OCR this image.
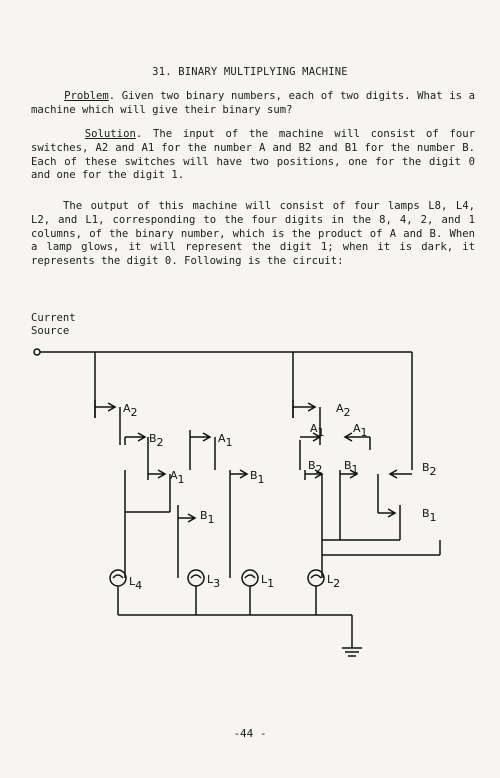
31. BINARY MULTIPLYING MACHINE
Problem. Given two binary numbers, each of two digits. What is a machine which will give their binary sum?
Solution. The input of the machine will consist of four switches, A2 and A1 for the number A and B2 and B1 for the number B. Each of these switches will have two positions, one for the digit 0 and one for the digit 1.
The output of this machine will consist of four lamps L8, L4, L2, and L1, corresponding to the four digits in the 8, 4, 2, and 1 columns, of the binary number, which is the product of A and B. When a lamp glows, it will represent the digit 1; when it is dark, it represents the digit 0. Following is the circuit:
Current
Source
A2
B2
A1
A1
B1
B1
A2
A1	A1
B2 B1	B2
B1
L4	L3	L1	L2
-44 -
